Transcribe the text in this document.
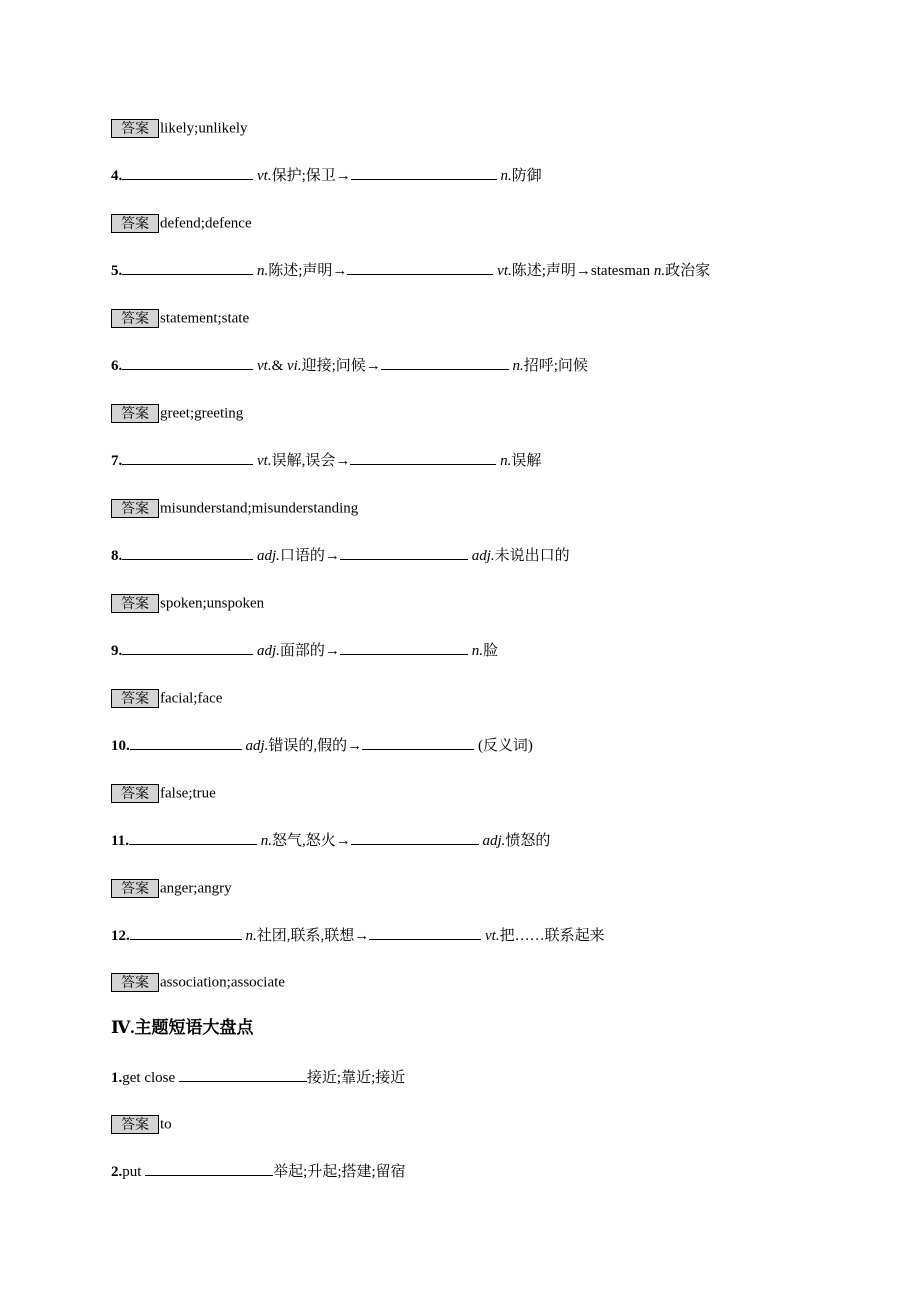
答案 likely;unlikely
4.	vt.保护;保卫→	n.防御
答案 defend;defence
5.	n.陈述;声明→	vt.陈述;声明→statesman n.政治家
答案 statement;state
6.	vt.& vi.迎接;问候→	n.招呼;问候
答案 greet;greeting
7.	vt.误解,误会→	n.误解
答案 misunderstand;misunderstanding
8.	adj.口语的→	adj.未说出口的
答案 spoken;unspoken
9.	adj.面部的→	n.脸
答案 facial;face
10.	adj.错误的,假的→	(反义词)
答案 false;true
11.	n.怒气,怒火→	adj.愤怒的
答案 anger;angry
12.	n.社团,联系,联想→	vt.把……联系起来
答案 association;associate
Ⅳ.主题短语大盘点
1.get close	接近;靠近;接近
答案 to
2.put	举起;升起;搭建;留宿
